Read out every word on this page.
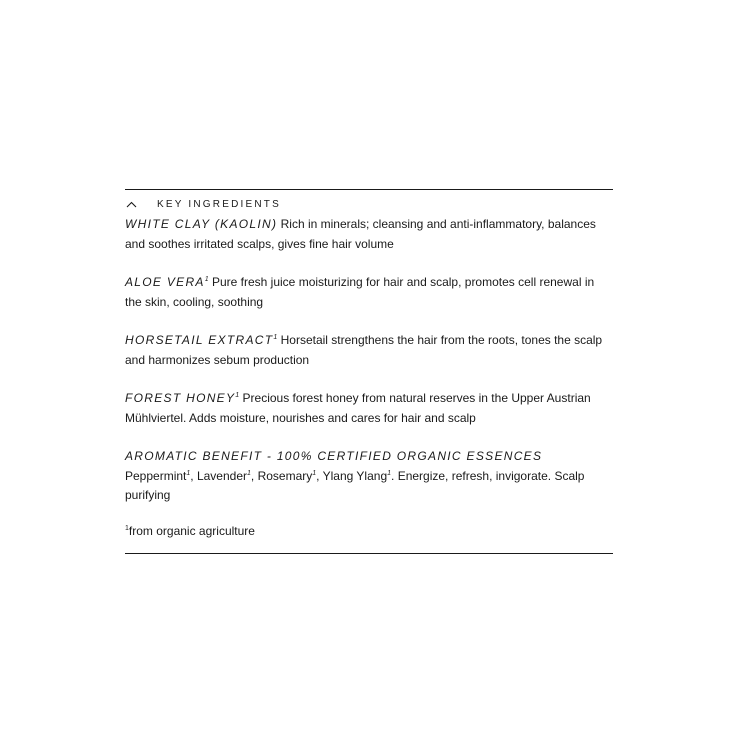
KEY INGREDIENTS

WHITE CLAY (KAOLIN) Rich in minerals; cleansing and anti-inflammatory, balances and soothes irritated scalps, gives fine hair volume

ALOE VERA$^1$ Pure fresh juice moisturizing for hair and scalp, promotes cell renewal in the skin, cooling, soothing

HORSETAIL EXTRACT$^1$ Horsetail strengthens the hair from the roots, tones the scalp and harmonizes sebum production

FOREST HONEY$^1$ Precious forest honey from natural reserves in the Upper Austrian Mühlviertel. Adds moisture, nourishes and cares for hair and scalp

AROMATIC BENEFIT - 100% CERTIFIED ORGANIC ESSENCES Peppermint$^1$, Lavender$^1$, Rosemary$^1$, Ylang Ylang$^1$. Energize, refresh, invigorate. Scalp purifying

$^1$from organic agriculture
